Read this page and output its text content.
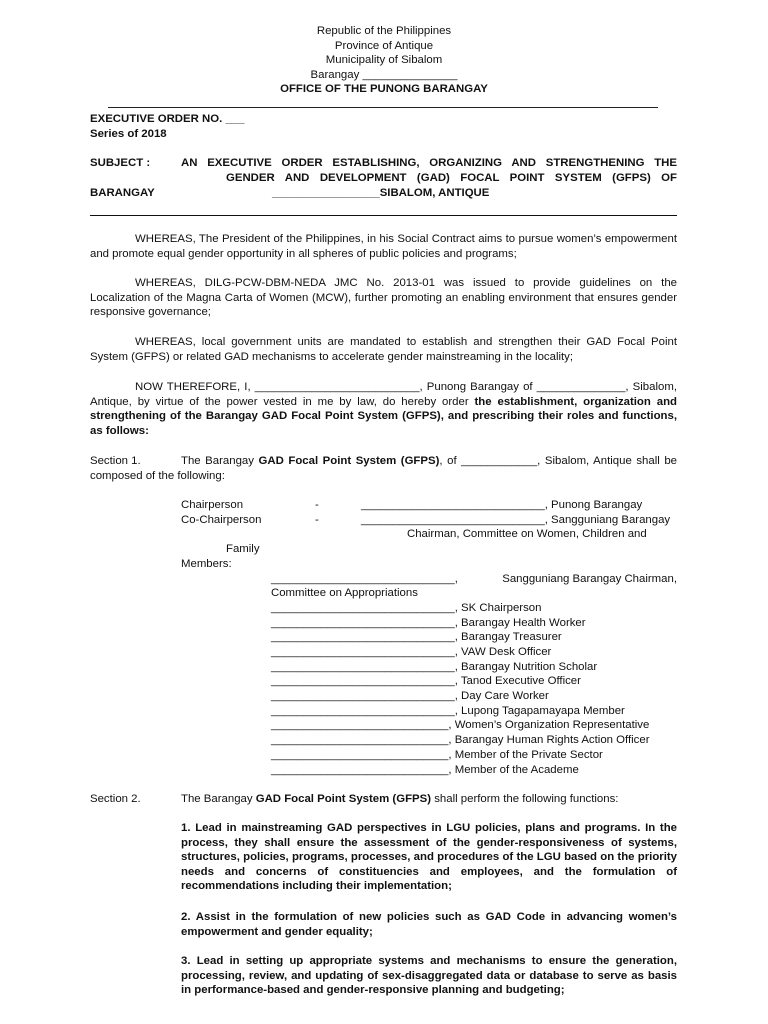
Republic of the Philippines
Province of Antique
Municipality of Sibalom
Barangay _______________
OFFICE OF THE PUNONG BARANGAY
EXECUTIVE ORDER NO. ___
Series of 2018
SUBJECT :	AN EXECUTIVE ORDER ESTABLISHING, ORGANIZING AND STRENGTHENING THE
GENDER AND DEVELOPMENT (GAD) FOCAL POINT SYSTEM (GFPS) OF
BARANGAY	_________________SIBALOM, ANTIQUE

WHEREAS, The President of the Philippines, in his Social Contract aims to pursue women’s empowerment and promote equal gender opportunity in all spheres of public policies and programs;

WHEREAS, DILG-PCW-DBM-NEDA JMC No. 2013-01 was issued to provide guidelines on the Localization of the Magna Carta of Women (MCW), further promoting an enabling environment that ensures gender responsive governance;

WHEREAS, local government units are mandated to establish and strengthen their GAD Focal Point System (GFPS) or related GAD mechanisms to accelerate gender mainstreaming in the locality;

NOW THEREFORE, I, __________________________, Punong Barangay of ______________, Sibalom, Antique, by virtue of the power vested in me by law, do hereby order the establishment, organization and strengthening of the Barangay GAD Focal Point System (GFPS), and prescribing their roles and functions, as follows:

Section 1.	The Barangay GAD Focal Point System (GFPS), of ____________, Sibalom, Antique shall be composed of the following:

Chairperson	-	_____________________________, Punong Barangay
Co-Chairperson	-	_____________________________, Sangguniang Barangay
Chairman, Committee on Women, Children and
Family
Members:
_____________________________,	Sangguniang Barangay Chairman,
Committee on Appropriations
_____________________________, SK Chairperson
_____________________________, Barangay Health Worker
_____________________________, Barangay Treasurer
_____________________________, VAW Desk Officer
_____________________________, Barangay Nutrition Scholar
_____________________________, Tanod Executive Officer
_____________________________, Day Care Worker
_____________________________, Lupong Tagapamayapa Member
____________________________, Women’s Organization Representative
____________________________, Barangay Human Rights Action Officer
____________________________, Member of the Private Sector
____________________________, Member of the Academe
Section 2.	The Barangay GAD Focal Point System (GFPS) shall perform the following functions:

1. Lead in mainstreaming GAD perspectives in LGU policies, plans and programs. In the process, they shall ensure the assessment of the gender-responsiveness of systems, structures, policies, programs, processes, and procedures of the LGU based on the priority needs and concerns of constituencies and employees, and the formulation of recommendations including their implementation;

2. Assist in the formulation of new policies such as GAD Code in advancing women’s empowerment and gender equality;

3. Lead in setting up appropriate systems and mechanisms to ensure the generation, processing, review, and updating of sex-disaggregated data or database to serve as basis in performance-based and gender-responsive planning and budgeting;
